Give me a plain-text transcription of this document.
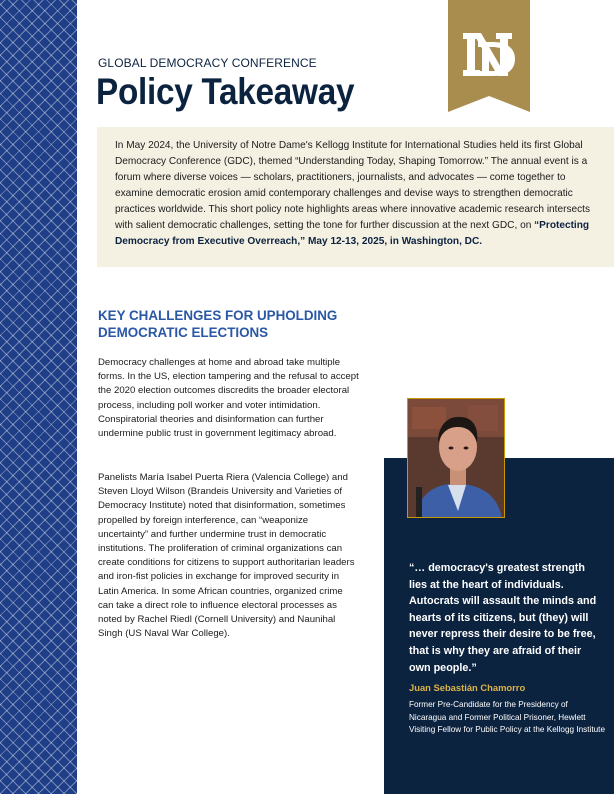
GLOBAL DEMOCRACY CONFERENCE

Policy Takeaway

In May 2024, the University of Notre Dame's Kellogg Institute for International Studies held its first Global Democracy Conference (GDC), themed “Understanding Today, Shaping Tomorrow.” The annual event is a forum where diverse voices — scholars, practitioners, journalists, and advocates — come together to examine democratic erosion amid contemporary challenges and devise ways to strengthen democratic practices worldwide. This short policy note highlights areas where innovative academic research intersects with salient democratic challenges, setting the tone for further discussion at the next GDC, on “Protecting Democracy from Executive Overreach,” May 12-13, 2025, in Washington, DC.

KEY CHALLENGES FOR UPHOLDING DEMOCRATIC ELECTIONS

Democracy challenges at home and abroad take multiple forms. In the US, election tampering and the refusal to accept the 2020 election outcomes discredits the broader electoral process, including poll worker and voter intimidation. Conspiratorial theories and disinformation can further undermine public trust in government legitimacy abroad.

Panelists María Isabel Puerta Riera (Valencia College) and Steven Lloyd Wilson (Brandeis University and Varieties of Democracy Institute) noted that disinformation, sometimes propelled by foreign interference, can “weaponize uncertainty” and further undermine trust in democratic institutions. The proliferation of criminal organizations can create conditions for citizens to support authoritarian leaders and iron-fist policies in exchange for improved security in Latin America. In some African countries, organized crime can take a direct role to influence electoral processes as noted by Rachel Riedl (Cornell University) and Naunihal Singh (US Naval War College).

“… democracy's greatest strength lies at the heart of individuals. Autocrats will assault the minds and hearts of its citizens, but (they) will never repress their desire to be free, that is why they are afraid of their own people.”

Juan Sebastián Chamorro

Former Pre-Candidate for the Presidency of Nicaragua and Former Political Prisoner, Hewlett Visiting Fellow for Public Policy at the Kellogg Institute
